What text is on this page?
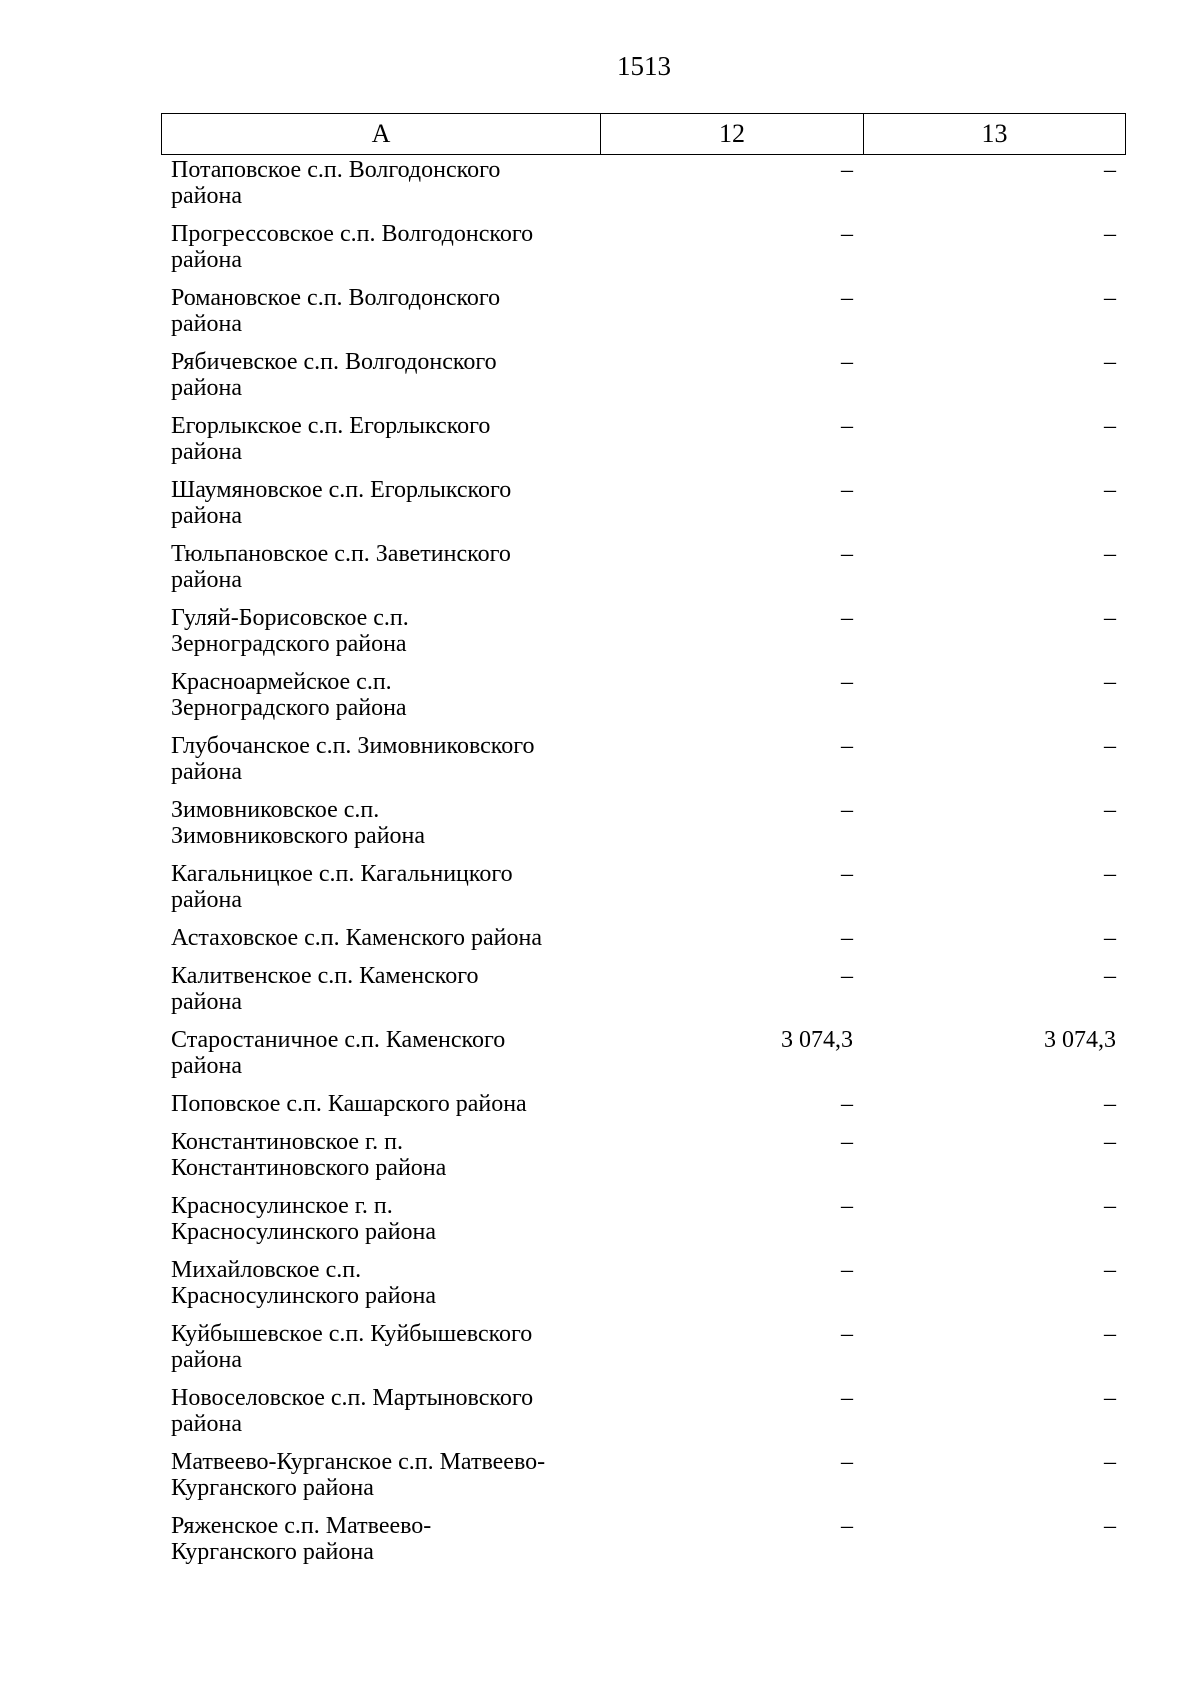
1513
А	12	13
Потаповское с.п. Волгодонского
района
–	–
Прогрессовское с.п. Волгодонского
района
–	–
Романовское с.п. Волгодонского
района
–	–
Рябичевское с.п. Волгодонского
района
–	–
Егорлыкское с.п. Егорлыкского
района
–	–
Шаумяновское с.п. Егорлыкского
района
–	–
Тюльпановское с.п. Заветинского
района
–	–
Гуляй-Борисовское с.п.
Зерноградского района
–	–
Красноармейское с.п.
Зерноградского района
–	–
Глубочанское с.п. Зимовниковского
района
–	–
Зимовниковское с.п.
Зимовниковского района
–	–
Кагальницкое с.п. Кагальницкого
района
–	–
Астаховское с.п. Каменского района	–	–
Калитвенское с.п. Каменского
района
–	–
Старостаничное с.п. Каменского
района
3 074,3	3 074,3
Поповское с.п. Кашарского района	–	–
Константиновское г. п.
Константиновского района
–	–
Красносулинское г. п.
Красносулинского района
–	–
Михайловское с.п.
Красносулинского района
–	–
Куйбышевское с.п. Куйбышевского
района
–	–
Новоселовское с.п. Мартыновского
района
–	–
Матвеево-Курганское с.п. Матвеево-
Курганского района
–	–
Ряженское с.п. Матвеево-
Курганского района
–	–
